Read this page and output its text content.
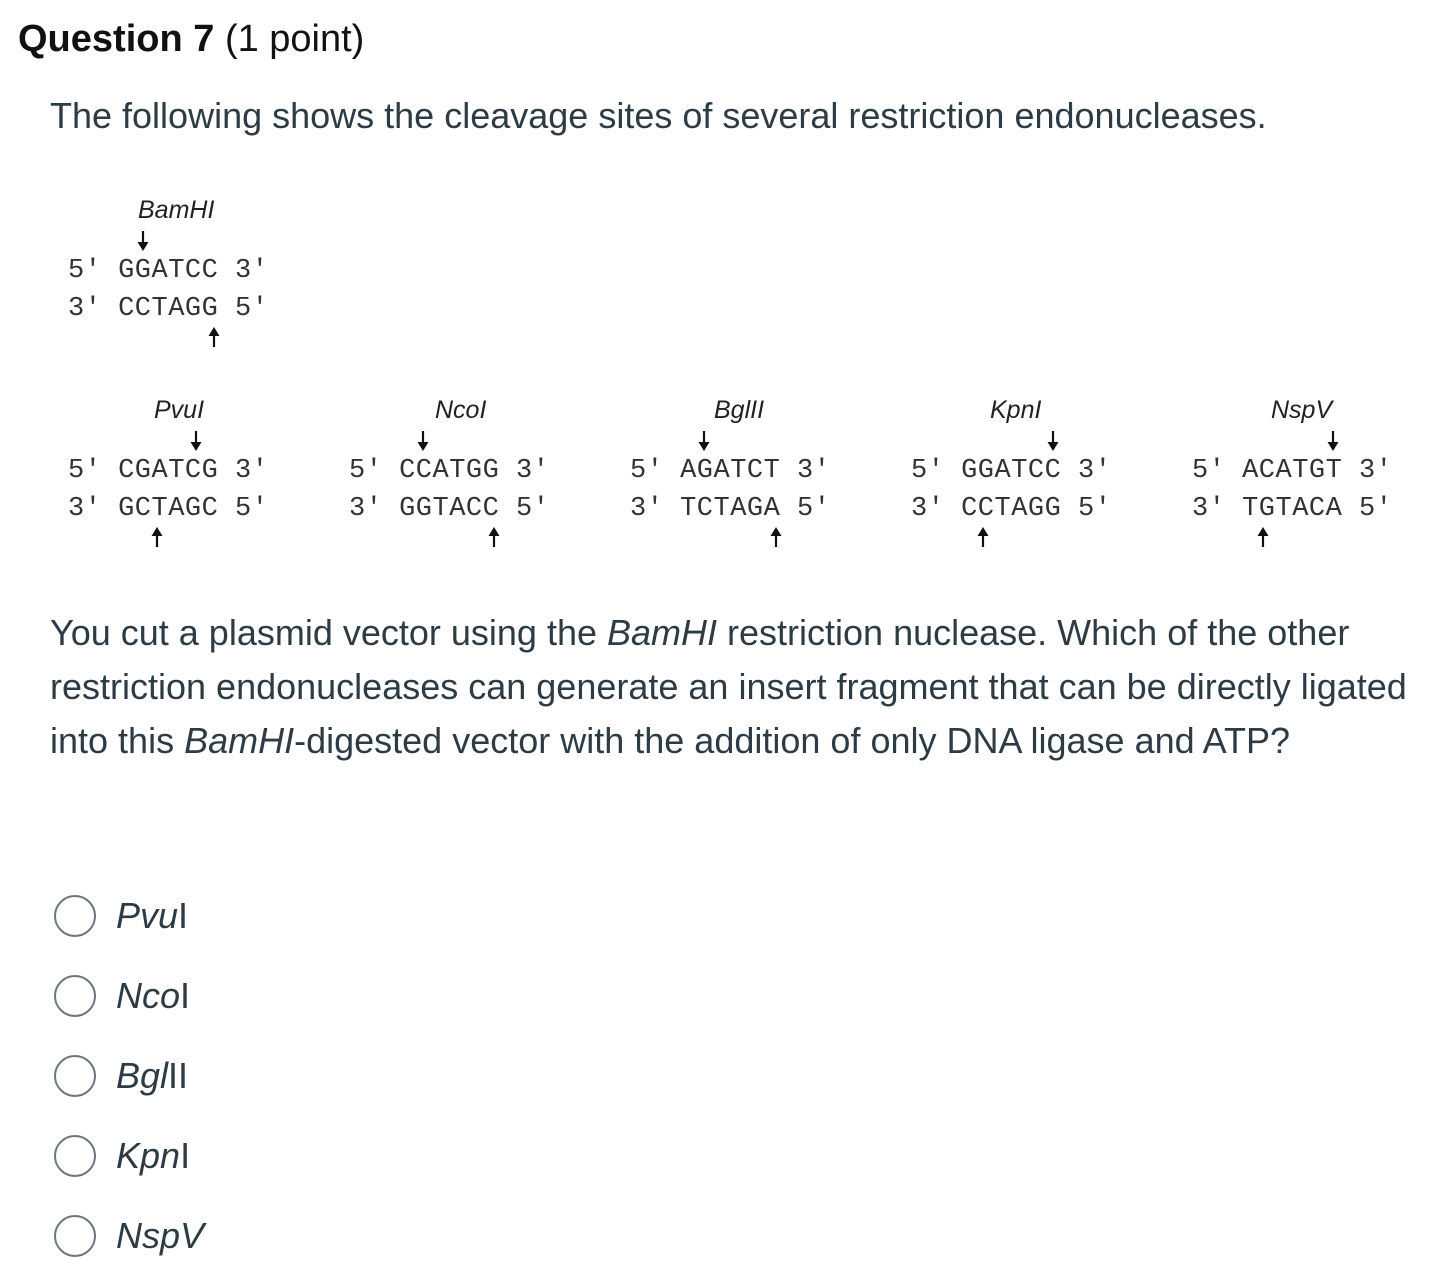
Question 7 (1 point)
The following shows the cleavage sites of several restriction endonucleases.
BamHI
5′ GGATCC 3′
3′ CCTAGG 5′
PvuI
5′ CGATCG 3′
3′ GCTAGC 5′
NcoI
5′ CCATGG 3′
3′ GGTACC 5′
BglII
5′ AGATCT 3′
3′ TCTAGA 5′
KpnI
5′ GGATCC 3′
3′ CCTAGG 5′
NspV
5′ ACATGT 3′
3′ TGTACA 5′
You cut a plasmid vector using the BamHI restriction nuclease. Which of the other restriction endonucleases can generate an insert fragment that can be directly ligated into this BamHI-digested vector with the addition of only DNA ligase and ATP?
PvuI
NcoI
BglII
KpnI
NspV
